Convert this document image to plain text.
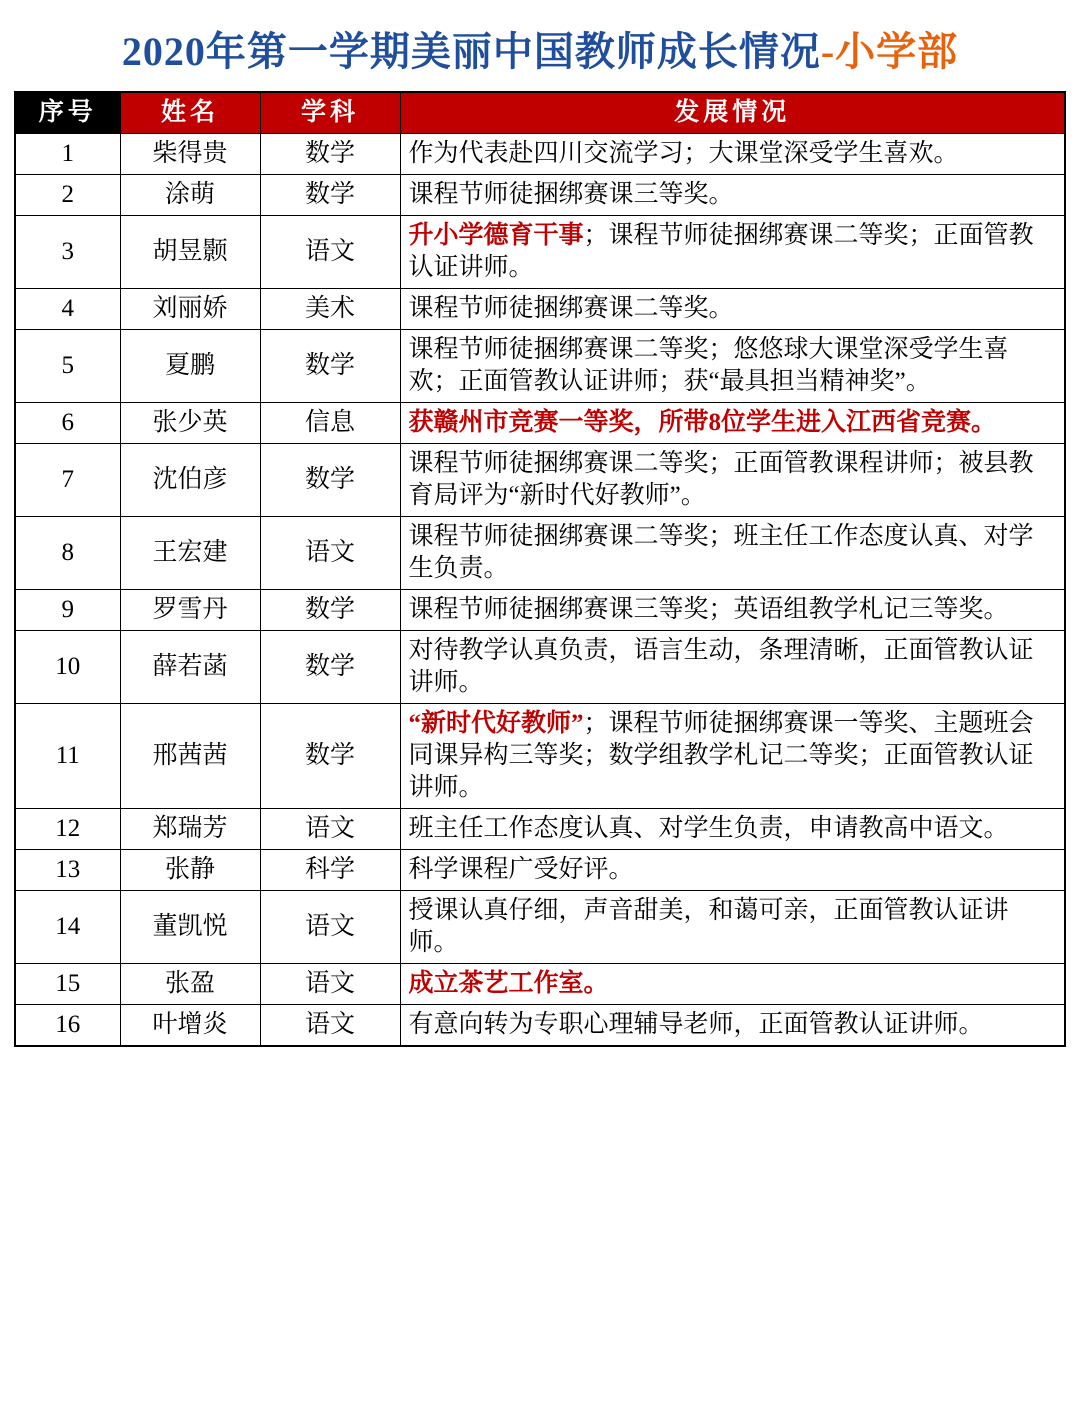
2020年第一学期美丽中国教师成长情况-小学部
序号	姓名	学科	发展情况
1	柴得贵	数学	作为代表赴四川交流学习；大课堂深受学生喜欢。
2	涂萌	数学	课程节师徒捆绑赛课三等奖。
3	胡昱颢	语文	升小学德育干事；课程节师徒捆绑赛课二等奖；正面管教认证讲师。
4	刘丽娇	美术	课程节师徒捆绑赛课二等奖。
5	夏鹏	数学	课程节师徒捆绑赛课二等奖；悠悠球大课堂深受学生喜欢；正面管教认证讲师；获“最具担当精神奖”。
6	张少英	信息	获赣州市竞赛一等奖，所带8位学生进入江西省竞赛。
7	沈伯彦	数学	课程节师徒捆绑赛课二等奖；正面管教课程讲师；被县教育局评为“新时代好教师”。
8	王宏建	语文	课程节师徒捆绑赛课二等奖；班主任工作态度认真、对学生负责。
9	罗雪丹	数学	课程节师徒捆绑赛课三等奖；英语组教学札记三等奖。
10	薛若菡	数学	对待教学认真负责，语言生动，条理清晰，正面管教认证讲师。
11	邢茜茜	数学	“新时代好教师”；课程节师徒捆绑赛课一等奖、主题班会同课异构三等奖；数学组教学札记二等奖；正面管教认证讲师。
12	郑瑞芳	语文	班主任工作态度认真、对学生负责，申请教高中语文。
13	张静	科学	科学课程广受好评。
14	董凯悦	语文	授课认真仔细，声音甜美，和蔼可亲，正面管教认证讲师。
15	张盈	语文	成立茶艺工作室。
16	叶增炎	语文	有意向转为专职心理辅导老师，正面管教认证讲师。
